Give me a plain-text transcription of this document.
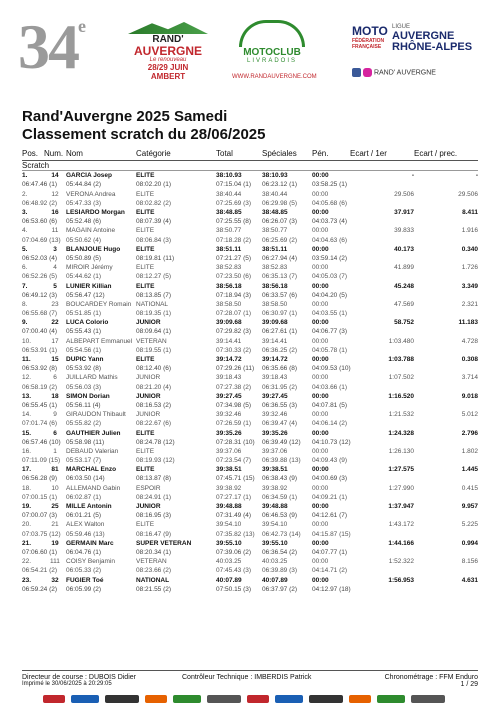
34e
RAND'
AUVERGNE
Le renouveau
28/29 JUIN
AMBERT
MOTOCLUB
LIVRADOIS
WWW.RANDAUVERGNE.COM
MOTO
FÉDÉRATION FRANÇAISE
LIGUE
AUVERGNE
RHÔNE-ALPES
RAND' AUVERGNE
Rand'Auvergne 2025 Samedi
Classement scratch du 28/06/2025
Pos.	Num.	Nom	Catégorie	Total	Spéciales	Pén.	Ecart / 1er	Ecart / prec.
Scratch								
1.	14	GARCIA Josep	ELITE	38:10.93	38:10.93	00:00	-	-
06:47.46 (1)		05:44.84 (2)	08:02.20 (1)	07:15.04 (1)	06:23.12 (1)	03:58.25 (1)		
2.	12	VERONA Andrea	ELITE	38:40.44	38:40.44	00:00	29.506	29.506
06:48.92 (2)		05:47.33 (3)	08:02.82 (2)	07:25.69 (3)	06:29.98 (5)	04:05.68 (6)		
3.	16	LESIARDO Morgan	ELITE	38:48.85	38:48.85	00:00	37.917	8.411
06:53.60 (6)		05:52.48 (6)	08:07.39 (4)	07:25.55 (8)	06:26.07 (3)	04:03.73 (4)		
4.	11	MAGAIN Antoine	ELITE	38:50.77	38:50.77	00:00	39.833	1.916
07:04.69 (13)		05:50.62 (4)	08:06.84 (3)	07:18.28 (2)	06:25.69 (2)	04:04.63 (6)		
5.	3	BLANJOUE Hugo	ELITE	38:51.11	38:51.11	00:00	40.173	0.340
06:52.03 (4)		05:50.89 (5)	08:19.81 (11)	07:21.27 (5)	06:27.94 (4)	03:59.14 (2)		
6.	4	MIROIR Jérémy	ELITE	38:52.83	38:52.83	00:00	41.899	1.726
06:52.26 (5)		05:44.62 (1)	08:12.27 (5)	07:23.50 (6)	06:35.13 (7)	04:05.03 (7)		
7.	5	LUNIER Killian	ELITE	38:56.18	38:56.18	00:00	45.248	3.349
06:49.12 (3)		05:56.47 (12)	08:13.85 (7)	07:18.94 (3)	06:33.57 (6)	04:04.20 (5)		
8.	23	BOUCARDEY Romain	NATIONAL	38:58.50	38:58.50	00:00	47.569	2.321
06:55.68 (7)		05:51.85 (1)	08:19.35 (1)	07:28.07 (1)	06:30.97 (1)	04:03.55 (1)		
9.	22	LUCA Colorio	JUNIOR	39:09.68	39:09.68	00:00	58.752	11.183
07:00.40 (4)		05:55.43 (1)	08:09.64 (1)	07:29.82 (3)	06:27.61 (1)	04:06.77 (3)		
10.	17	ALBEPART Emmanuel	VETERAN	39:14.41	39:14.41	00:00	1:03.480	4.728
06:53.91 (1)		05:54.56 (1)	08:19.55 (1)	07:30.33 (2)	06:36.25 (2)	04:05.78 (1)		
11.	15	DUPIC Yann	ELITE	39:14.72	39:14.72	00:00	1:03.788	0.308
06:53.92 (8)		05:53.92 (8)	08:12.40 (6)	07:29.26 (11)	06:35.66 (8)	04:09.53 (10)		
12.	6	JUILLARD Mathis	JUNIOR	39:18.43	39:18.43	00:00	1:07.502	3.714
06:58.19 (2)		05:56.03 (3)	08:21.20 (4)	07:27.38 (2)	06:31.95 (2)	04:03.66 (1)		
13.	18	SIMON Dorian	JUNIOR	39:27.45	39:27.45	00:00	1:16.520	9.018
06:55.45 (1)		05:56.11 (4)	08:16.53 (2)	07:34.98 (5)	06:36.55 (3)	04:07.81 (5)		
14.	9	GIRAUDON Thibault	JUNIOR	39:32.46	39:32.46	00:00	1:21.532	5.012
07:01.74 (6)		05:55.82 (2)	08:22.67 (6)	07:26.59 (1)	06:39.47 (4)	04:06.14 (2)		
15.	6	GAUTHIER Julien	ELITE	39:35.26	39:35.26	00:00	1:24.328	2.796
06:57.46 (10)		05:58.98 (11)	08:24.78 (12)	07:28.31 (10)	06:39.49 (12)	04:10.73 (12)		
16.	1	DEBAUD Valerian	ELITE	39:37.06	39:37.06	00:00	1:26.130	1.802
07:11.09 (15)		05:53.17 (7)	08:19.93 (12)	07:23.54 (7)	06:39.88 (13)	04:09.43 (9)		
17.	81	MARCHAL Enzo	ELITE	39:38.51	39:38.51	00:00	1:27.575	1.445
06:56.28 (9)		06:03.50 (14)	08:13.87 (8)	07:45.71 (15)	06:38.43 (9)	04:00.69 (3)		
18.	10	ALLEMAND Gabin	ESPOIR	39:38.92	39:38.92	00:00	1:27.990	0.415
07:00.15 (1)		06:02.87 (1)	08:24.91 (1)	07:27.17 (1)	06:34.59 (1)	04:09.21 (1)		
19.	25	MILLE Antonin	JUNIOR	39:48.88	39:48.88	00:00	1:37.947	9.957
07:00.07 (3)		06:01.21 (5)	08:16.95 (3)	07:31.49 (4)	06:46.53 (9)	04:12.61 (7)		
20.	21	ALEX Walton	ELITE	39:54.10	39:54.10	00:00	1:43.172	5.225
07:03.75 (12)		05:59.46 (13)	08:16.47 (9)	07:35.82 (13)	06:42.73 (14)	04:15.87 (15)		
21.	19	GERMAIN Marc	SUPER VETERAN	39:55.10	39:55.10	00:00	1:44.166	0.994
07:06.60 (1)		06:04.76 (1)	08:20.34 (1)	07:39.06 (2)	06:36.54 (2)	04:07.77 (1)		
22.	111	COISY Benjamin	VETERAN	40:03.25	40:03.25	00:00	1:52.322	8.156
06:54.21 (2)		06:05.33 (2)	08:23.66 (2)	07:45.43 (3)	06:39.89 (3)	04:14.71 (2)		
23.	32	FUGIER Toé	NATIONAL	40:07.89	40:07.89	00:00	1:56.953	4.631
06:59.24 (2)		06:05.99 (2)	08:21.55 (2)	07:50.15 (3)	06:37.97 (2)	04:12.97 (18)		
Directeur de course : DUBOIS Didier	Contrôleur Technique : IMBERDIS Patrick	Chronométrage : FFM Enduro
Imprimé le 30/06/2025 à 20:29:05	1 / 29
